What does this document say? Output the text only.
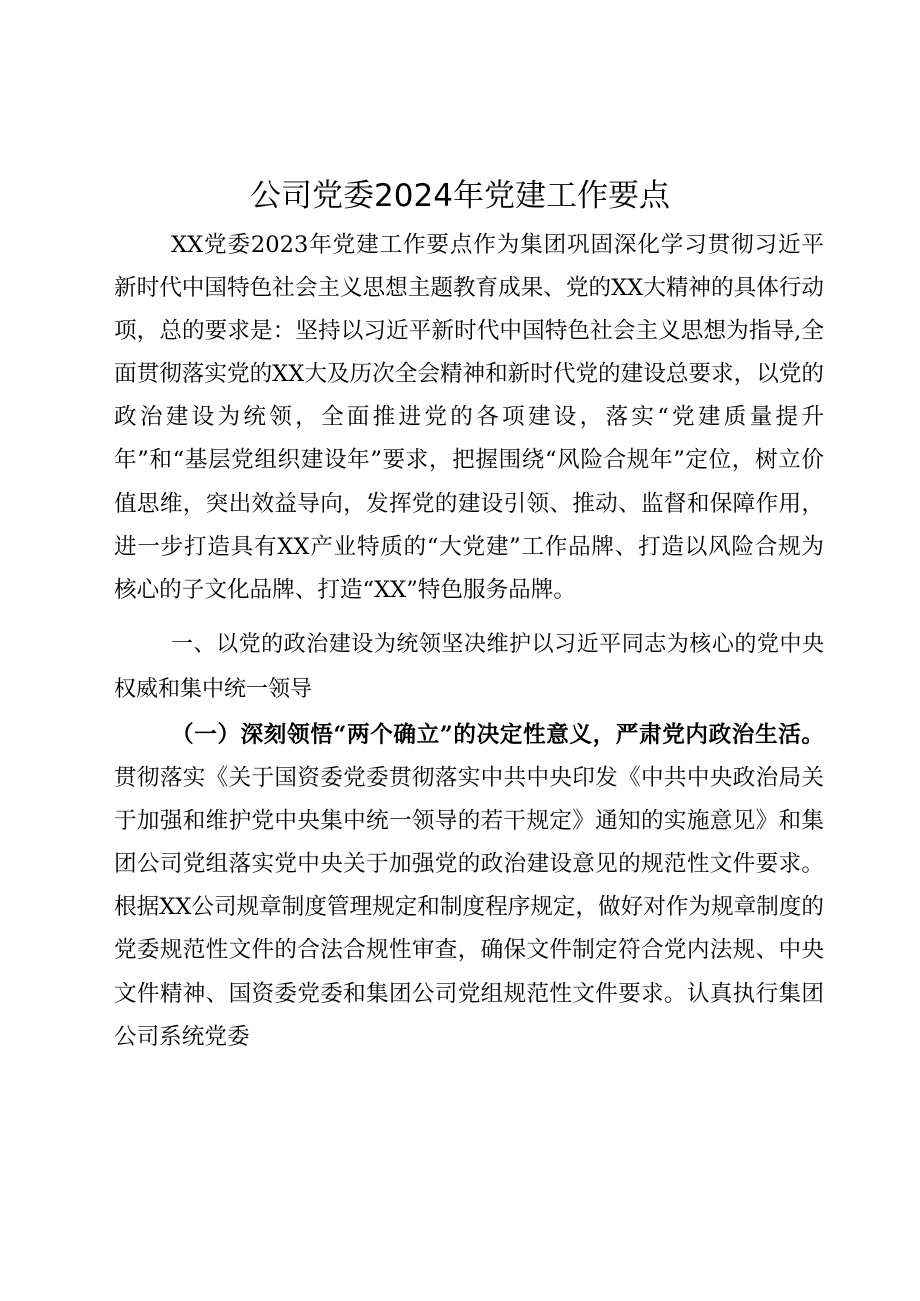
公司党委2024年党建工作要点
XX党委2023年党建工作要点作为集团巩固深化学习贯彻习近平新时代中国特色社会主义思想主题教育成果、党的XX大精神的具体行动项，总的要求是：坚持以习近平新时代中国特色社会主义思想为指导,全面贯彻落实党的XX大及历次全会精神和新时代党的建设总要求，以党的政治建设为统领，全面推进党的各项建设，落实“党建质量提升年”和“基层党组织建设年”要求，把握围绕“风险合规年”定位，树立价值思维，突出效益导向，发挥党的建设引领、推动、监督和保障作用，进一步打造具有XX产业特质的“大党建”工作品牌、打造以风险合规为核心的子文化品牌、打造“XX”特色服务品牌。
一、以党的政治建设为统领坚决维护以习近平同志为核心的党中央权威和集中统一领导
（一）深刻领悟“两个确立”的决定性意义，严肃党内政治生活。贯彻落实《关于国资委党委贯彻落实中共中央印发《中共中央政治局关于加强和维护党中央集中统一领导的若干规定》通知的实施意见》和集团公司党组落实党中央关于加强党的政治建设意见的规范性文件要求。根据XX公司规章制度管理规定和制度程序规定，做好对作为规章制度的党委规范性文件的合法合规性审查，确保文件制定符合党内法规、中央文件精神、国资委党委和集团公司党组规范性文件要求。认真执行集团公司系统党委
